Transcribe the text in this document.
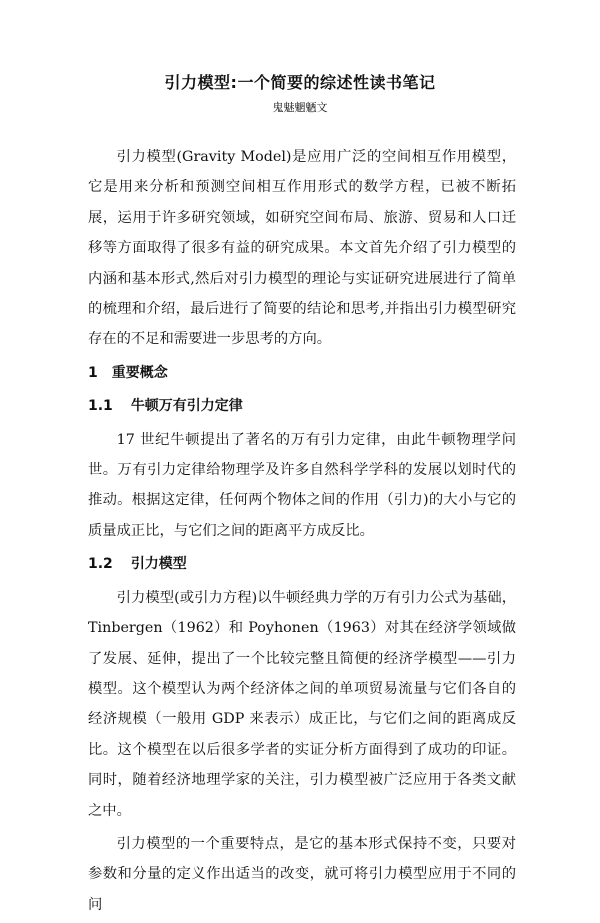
引力模型:一个简要的综述性读书笔记
鬼魅魍魉文

引力模型(Gravity Model)是应用广泛的空间相互作用模型，它是用来分析和预测空间相互作用形式的数学方程，已被不断拓展，运用于许多研究领域，如研究空间布局、旅游、贸易和人口迁移等方面取得了很多有益的研究成果。本文首先介绍了引力模型的内涵和基本形式,然后对引力模型的理论与实证研究进展进行了简单的梳理和介绍，最后进行了简要的结论和思考,并指出引力模型研究存在的不足和需要进一步思考的方向。

1 重要概念
1.1 牛顿万有引力定律

17 世纪牛顿提出了著名的万有引力定律，由此牛顿物理学问世。万有引力定律给物理学及许多自然科学学科的发展以划时代的推动。根据这定律，任何两个物体之间的作用（引力)的大小与它的质量成正比，与它们之间的距离平方成反比。

1.2 引力模型

引力模型(或引力方程)以牛顿经典力学的万有引力公式为基础，Tinbergen（1962）和 Poyhonen（1963）对其在经济学领域做了发展、延伸，提出了一个比较完整且简便的经济学模型——引力模型。这个模型认为两个经济体之间的单项贸易流量与它们各自的经济规模（一般用 GDP 来表示）成正比，与它们之间的距离成反比。这个模型在以后很多学者的实证分析方面得到了成功的印证。同时，随着经济地理学家的关注，引力模型被广泛应用于各类文献之中。

引力模型的一个重要特点，是它的基本形式保持不变，只要对参数和分量的定义作出适当的改变，就可将引力模型应用于不同的问
